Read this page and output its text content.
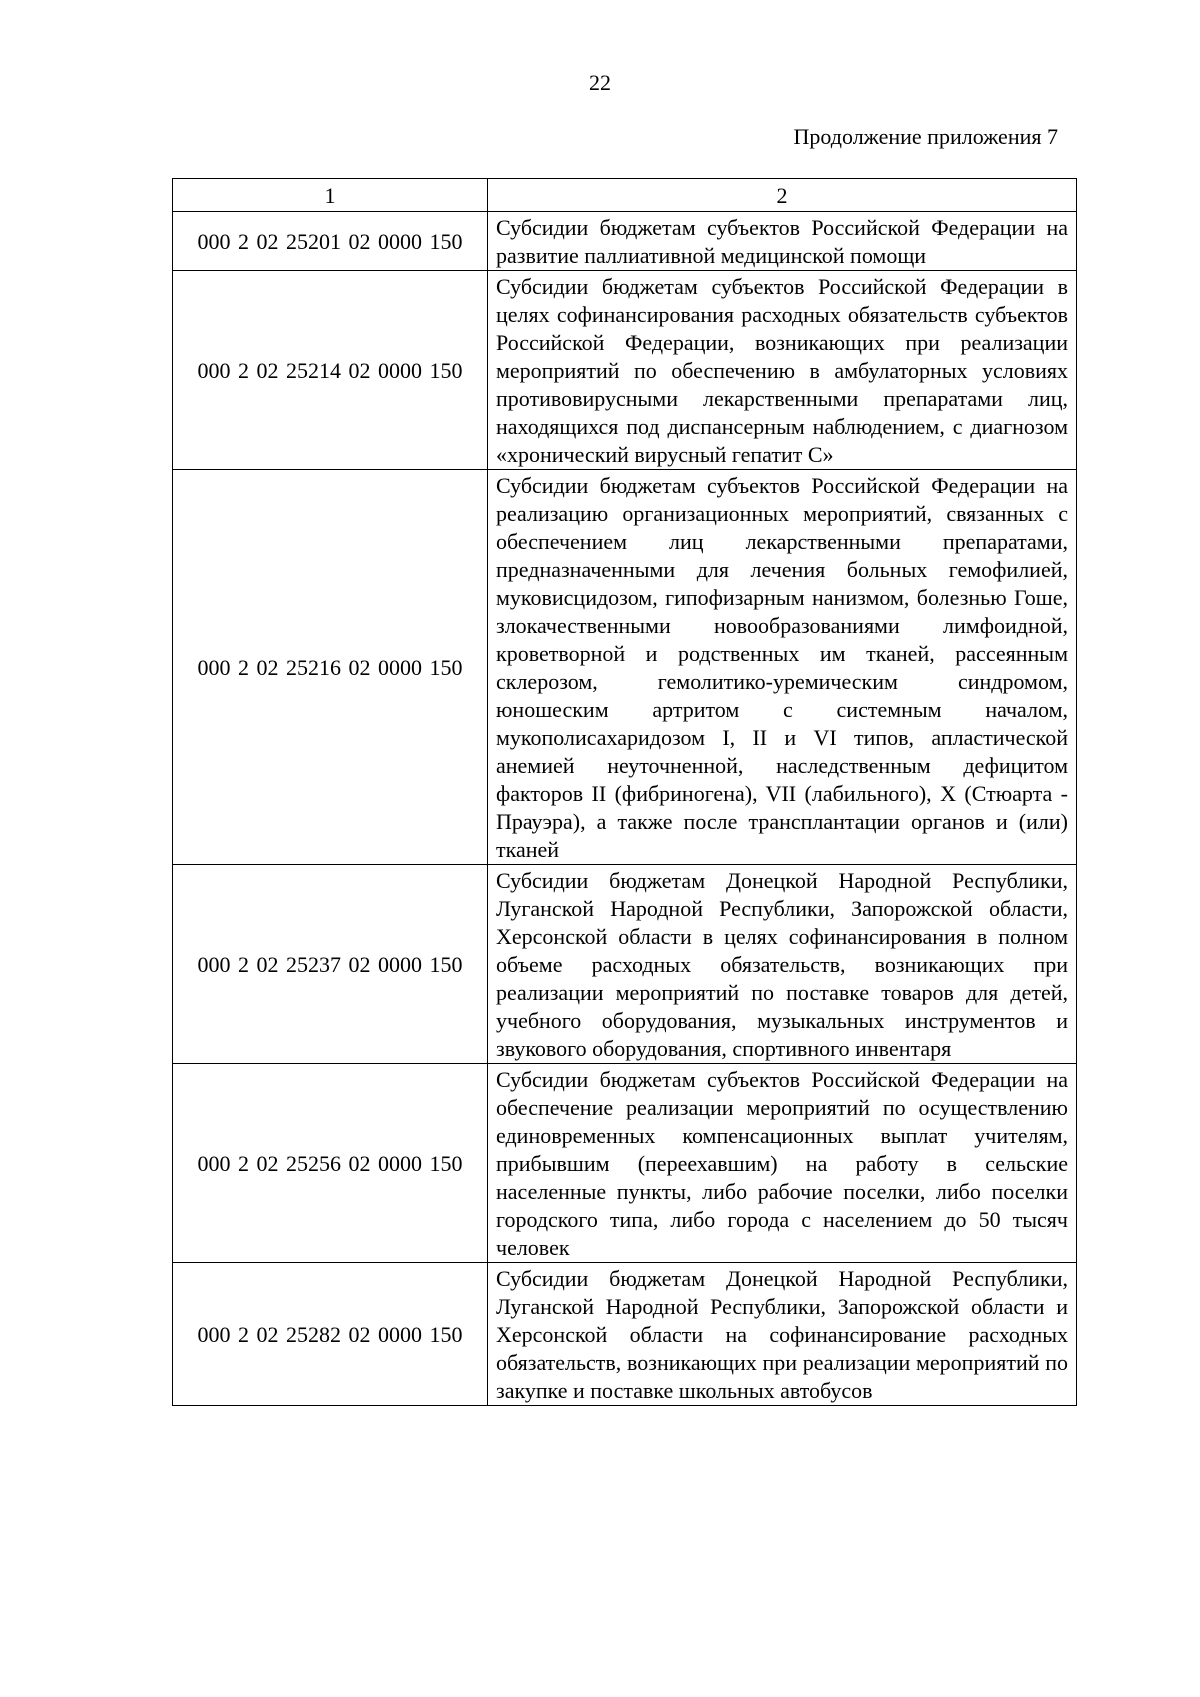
22
Продолжение приложения 7
1	2
000 2 02 25201 02 0000 150	Субсидии бюджетам субъектов Российской Федерации на развитие паллиативной медицинской помощи
000 2 02 25214 02 0000 150	Субсидии бюджетам субъектов Российской Федерации в целях софинансирования расходных обязательств субъектов Российской Федерации, возникающих при реализации мероприятий по обеспечению в амбулаторных условиях противовирусными лекарственными препаратами лиц, находящихся под диспансерным наблюдением, с диагнозом «хронический вирусный гепатит С»
000 2 02 25216 02 0000 150	Субсидии бюджетам субъектов Российской Федерации на реализацию организационных мероприятий, связанных с обеспечением лиц лекарственными препаратами, предназначенными для лечения больных гемофилией, муковисцидозом, гипофизарным нанизмом, болезнью Гоше, злокачественными новообразованиями лимфоидной, кроветворной и родственных им тканей, рассеянным склерозом, гемолитико-уремическим синдромом, юношеским артритом с системным началом, мукополисахаридозом I, II и VI типов, апластической анемией неуточненной, наследственным дефицитом факторов II (фибриногена), VII (лабильного), X (Стюарта - Прауэра), а также после трансплантации органов и (или) тканей
000 2 02 25237 02 0000 150	Субсидии бюджетам Донецкой Народной Республики, Луганской Народной Республики, Запорожской области, Херсонской области в целях софинансирования в полном объеме расходных обязательств, возникающих при реализации мероприятий по поставке товаров для детей, учебного оборудования, музыкальных инструментов и звукового оборудования, спортивного инвентаря
000 2 02 25256 02 0000 150	Субсидии бюджетам субъектов Российской Федерации на обеспечение реализации мероприятий по осуществлению единовременных компенсационных выплат учителям, прибывшим (переехавшим) на работу в сельские населенные пункты, либо рабочие поселки, либо поселки городского типа, либо города с населением до 50 тысяч человек
000 2 02 25282 02 0000 150	Субсидии бюджетам Донецкой Народной Республики, Луганской Народной Республики, Запорожской области и Херсонской области на софинансирование расходных обязательств, возникающих при реализации мероприятий по закупке и поставке школьных автобусов
